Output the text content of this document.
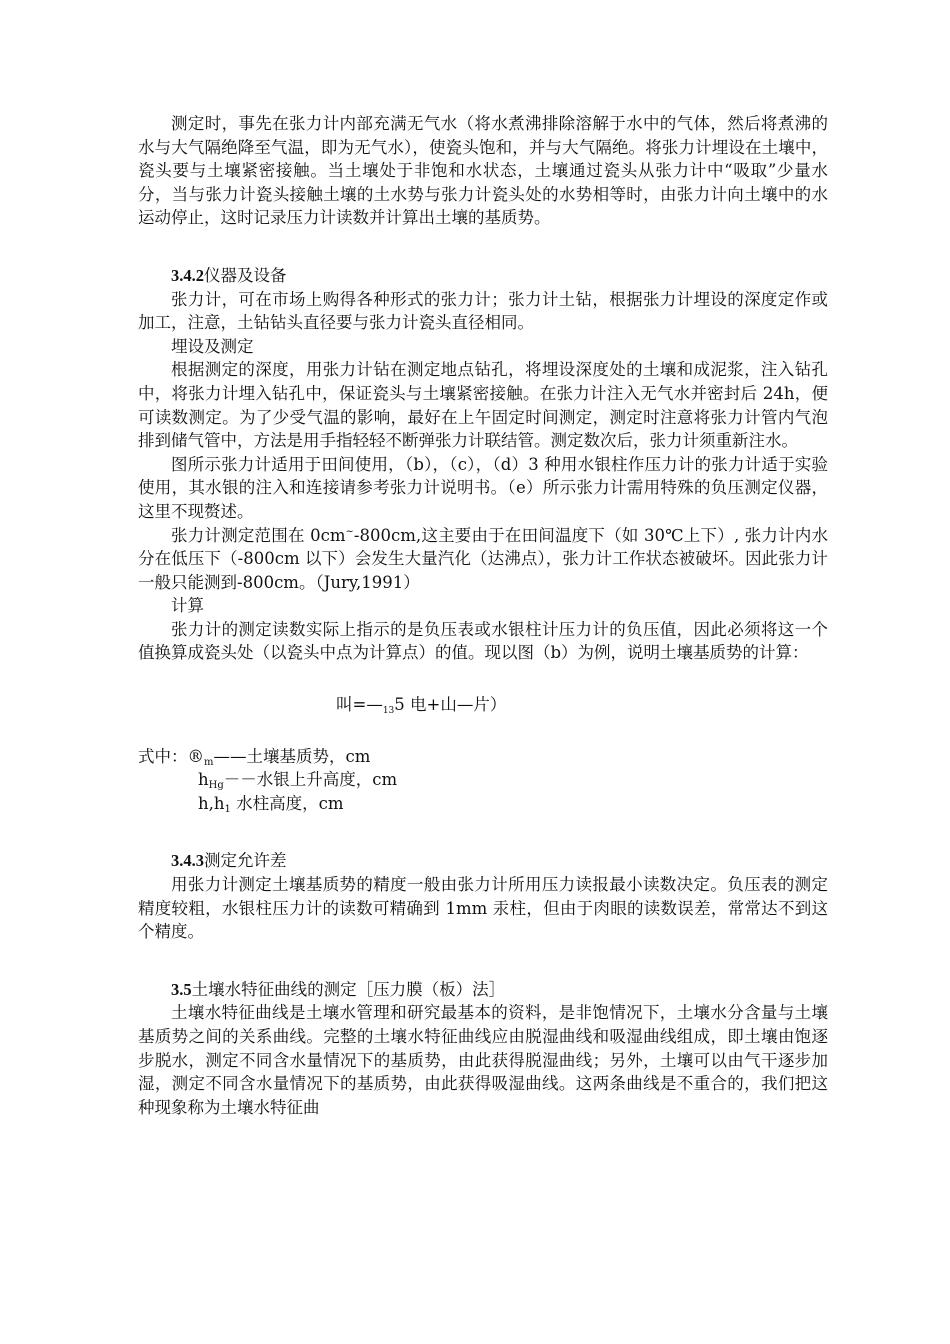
测定时，事先在张力计内部充满无气水（将水煮沸排除溶解于水中的气体，然后将煮沸的水与大气隔绝降至气温，即为无气水），使瓷头饱和，并与大气隔绝。将张力计埋设在土壤中，瓷头要与土壤紧密接触。当土壤处于非饱和水状态，土壤通过瓷头从张力计中“吸取”少量水分，当与张力计瓷头接触土壤的土水势与张力计瓷头处的水势相等时，由张力计向土壤中的水运动停止，这时记录压力计读数并计算出土壤的基质势。

3.4.2仪器及设备

张力计，可在市场上购得各种形式的张力计；张力计土钻，根据张力计埋设的深度定作或加工，注意，土钻钻头直径要与张力计瓷头直径相同。

埋设及测定

根据测定的深度，用张力计钻在测定地点钻孔，将埋设深度处的土壤和成泥浆，注入钻孔中，将张力计埋入钻孔中，保证瓷头与土壤紧密接触。在张力计注入无气水并密封后 24h，便可读数测定。为了少受气温的影响，最好在上午固定时间测定，测定时注意将张力计管内气泡排到储气管中，方法是用手指轻轻不断弹张力计联结管。测定数次后，张力计须重新注水。

图所示张力计适用于田间使用，（b），（c），（d）3 种用水银柱作压力计的张力计适于实验使用，其水银的注入和连接请参考张力计说明书。（e）所示张力计需用特殊的负压测定仪器，这里不现赘述。

张力计测定范围在 0cm~-800cm,这主要由于在田间温度下（如 30℃上下）, 张力计内水分在低压下（-800cm 以下）会发生大量汽化（达沸点），张力计工作状态被破坏。因此张力计一般只能测到-800cm。（Jury,1991）

计算

张力计的测定读数实际上指示的是负压表或水银柱计压力计的负压值，因此必须将这一个值换算成瓷头处（以瓷头中点为计算点）的值。现以图（b）为例，说明土壤基质势的计算：

叫$=—_{13}5$ 电+山—片）

式中：$®_m——$土壤基质势，cm

$h_{Hg}--$水银上升高度，cm

$h,h_1$ 水柱高度，cm

3.4.3测定允许差

用张力计测定土壤基质势的精度一般由张力计所用压力读报最小读数决定。负压表的测定精度较粗，水银柱压力计的读数可精确到 1mm 汞柱，但由于肉眼的读数误差，常常达不到这个精度。

3.5土壤水特征曲线的测定［压力膜（板）法］

土壤水特征曲线是土壤水管理和研究最基本的资料，是非饱情况下，土壤水分含量与土壤基质势之间的关系曲线。完整的土壤水特征曲线应由脱湿曲线和吸湿曲线组成，即土壤由饱逐步脱水，测定不同含水量情况下的基质势，由此获得脱湿曲线；另外，土壤可以由气干逐步加湿，测定不同含水量情况下的基质势，由此获得吸湿曲线。这两条曲线是不重合的，我们把这种现象称为土壤水特征曲
